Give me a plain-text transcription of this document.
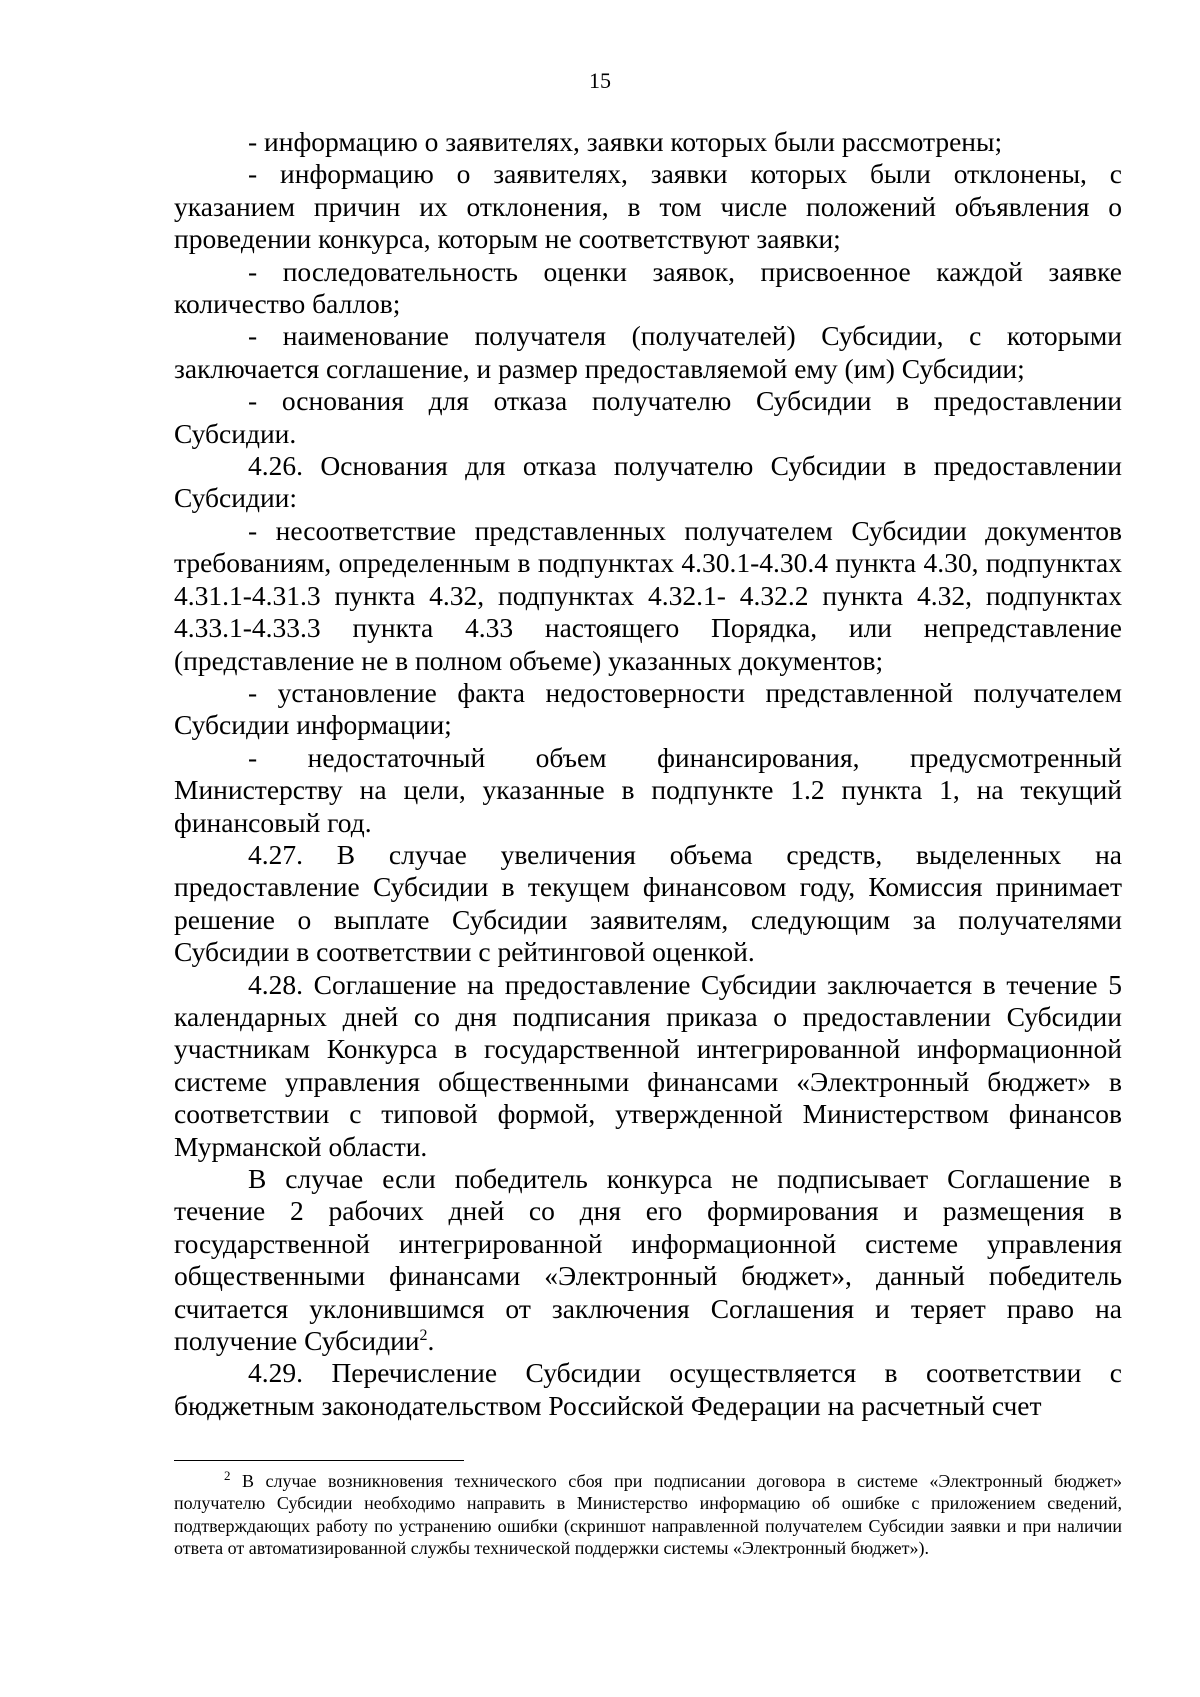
15

- информацию о заявителях, заявки которых были рассмотрены;

- информацию о заявителях, заявки которых были отклонены, с указанием причин их отклонения, в том числе положений объявления о проведении конкурса, которым не соответствуют заявки;

- последовательность оценки заявок, присвоенное каждой заявке количество баллов;

- наименование получателя (получателей) Субсидии, с которыми заключается соглашение, и размер предоставляемой ему (им) Субсидии;

- основания для отказа получателю Субсидии в предоставлении Субсидии.

4.26. Основания для отказа получателю Субсидии в предоставлении Субсидии:

- несоответствие представленных получателем Субсидии документов требованиям, определенным в подпунктах 4.30.1-4.30.4 пункта 4.30, подпунктах 4.31.1-4.31.3 пункта 4.32, подпунктах 4.32.1- 4.32.2 пункта 4.32, подпунктах 4.33.1-4.33.3 пункта 4.33 настоящего Порядка, или непредставление (представление не в полном объеме) указанных документов;

- установление факта недостоверности представленной получателем Субсидии информации;

- недостаточный объем финансирования, предусмотренный Министерству на цели, указанные в подпункте 1.2 пункта 1, на текущий финансовый год.

4.27. В случае увеличения объема средств, выделенных на предоставление Субсидии в текущем финансовом году, Комиссия принимает решение о выплате Субсидии заявителям, следующим за получателями Субсидии в соответствии с рейтинговой оценкой.

4.28. Соглашение на предоставление Субсидии заключается в течение 5 календарных дней со дня подписания приказа о предоставлении Субсидии участникам Конкурса в государственной интегрированной информационной системе управления общественными финансами «Электронный бюджет» в соответствии с типовой формой, утвержденной Министерством финансов Мурманской области.

В случае если победитель конкурса не подписывает Соглашение в течение 2 рабочих дней со дня его формирования и размещения в государственной интегрированной информационной системе управления общественными финансами «Электронный бюджет», данный победитель считается уклонившимся от заключения Соглашения и теряет право на получение Субсидии$^2$.

4.29. Перечисление Субсидии осуществляется в соответствии с бюджетным законодательством Российской Федерации на расчетный счет

$^2$ В случае возникновения технического сбоя при подписании договора в системе «Электронный бюджет» получателю Субсидии необходимо направить в Министерство информацию об ошибке с приложением сведений, подтверждающих работу по устранению ошибки (скриншот направленной получателем Субсидии заявки и при наличии ответа от автоматизированной службы технической поддержки системы «Электронный бюджет»).
